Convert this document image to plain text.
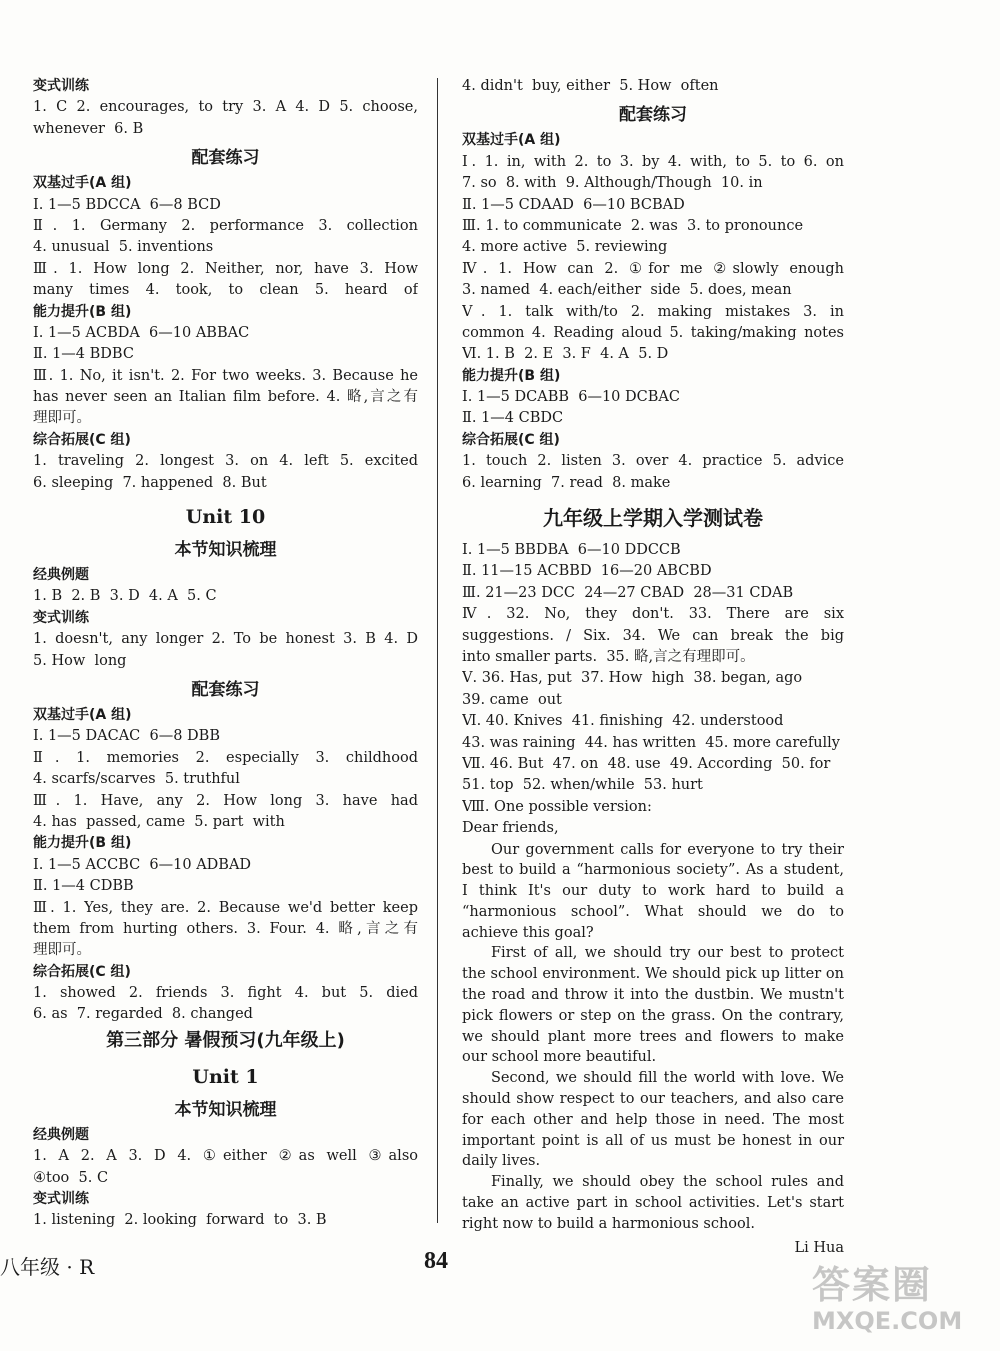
变式训练
1. C 2. encourages, to try 3. A 4. D 5. choose,
whenever  6. B
配套练习
双基过手(A 组)
Ⅰ. 1—5 BDCCA  6—8 BCD
Ⅱ. 1. Germany 2. performance 3. collection
4. unusual  5. inventions
Ⅲ. 1. How long 2. Neither, nor, have 3. How
many times 4. took, to clean 5. heard of
能力提升(B 组)
Ⅰ. 1—5 ACBDA  6—10 ABBAC
Ⅱ. 1—4 BDBC
Ⅲ. 1. No, it isn't. 2. For two weeks. 3. Because he
has never seen an Italian film before. 4. 略,言之有
理即可。
综合拓展(C 组)
1. traveling 2. longest 3. on 4. left 5. excited
6. sleeping  7. happened  8. But
Unit 10
本节知识梳理
经典例题
1. B  2. B  3. D  4. A  5. C
变式训练
1. doesn't, any longer 2. To be honest 3. B 4. D
5. How  long
配套练习
双基过手(A 组)
Ⅰ. 1—5 DACAC  6—8 DBB
Ⅱ. 1. memories 2. especially 3. childhood
4. scarfs/scarves  5. truthful
Ⅲ. 1. Have, any 2. How long 3. have had
4. has  passed, came  5. part  with
能力提升(B 组)
Ⅰ. 1—5 ACCBC  6—10 ADBAD
Ⅱ. 1—4 CDBB
Ⅲ. 1. Yes, they are. 2. Because we'd better keep
them from hurting others. 3. Four. 4. 略,言之有
理即可。
综合拓展(C 组)
1. showed 2. friends 3. fight 4. but 5. died
6. as  7. regarded  8. changed
第三部分 暑假预习(九年级上)
Unit 1
本节知识梳理
经典例题
1. A 2. A 3. D 4. ①either ②as well ③also
④too  5. C
变式训练
1. listening  2. looking  forward  to  3. B
4. didn't  buy, either  5. How  often
配套练习
双基过手(A 组)
Ⅰ. 1. in, with 2. to 3. by 4. with, to 5. to 6. on
7. so  8. with  9. Although/Though  10. in
Ⅱ. 1—5 CDAAD  6—10 BCBAD
Ⅲ. 1. to communicate  2. was  3. to pronounce
4. more active  5. reviewing
Ⅳ. 1. How can 2. ①for me ②slowly enough
3. named  4. each/either  side  5. does, mean
Ⅴ. 1. talk with/to 2. making mistakes 3. in
common 4. Reading aloud 5. taking/making notes
Ⅵ. 1. B  2. E  3. F  4. A  5. D
能力提升(B 组)
Ⅰ. 1—5 DCABB  6—10 DCBAC
Ⅱ. 1—4 CBDC
综合拓展(C 组)
1. touch 2. listen 3. over 4. practice 5. advice
6. learning  7. read  8. make
九年级上学期入学测试卷
Ⅰ. 1—5 BBDBA  6—10 DDCCB
Ⅱ. 11—15 ACBBD  16—20 ABCBD
Ⅲ. 21—23 DCC  24—27 CBAD  28—31 CDAB
Ⅳ. 32. No, they don't. 33. There are six
suggestions. / Six. 34. We can break the big
into smaller parts.  35. 略,言之有理即可。
Ⅴ. 36. Has, put  37. How  high  38. began, ago
39. came  out
Ⅵ. 40. Knives  41. finishing  42. understood
43. was raining  44. has written  45. more carefully
Ⅶ. 46. But  47. on  48. use  49. According  50. for
51. top  52. when/while  53. hurt
Ⅷ. One possible version:
Dear friends,
Our government calls for everyone to try their best to build a “harmonious society”. As a student, I think It's our duty to work hard to build a “harmonious school”. What should we do to achieve this goal?
First of all, we should try our best to protect the school environment. We should pick up litter on the road and throw it into the dustbin. We mustn't pick flowers or step on the grass. On the contrary, we should plant more trees and flowers to make our school more beautiful.
Second, we should fill the world with love. We should show respect to our teachers, and also care for each other and help those in need. The most important point is all of us must be honest in our daily lives.
Finally, we should obey the school rules and take an active part in school activities. Let's start right now to build a harmonious school.
Li Hua
八年级 · R	84
答案圈
MXQE.COM
